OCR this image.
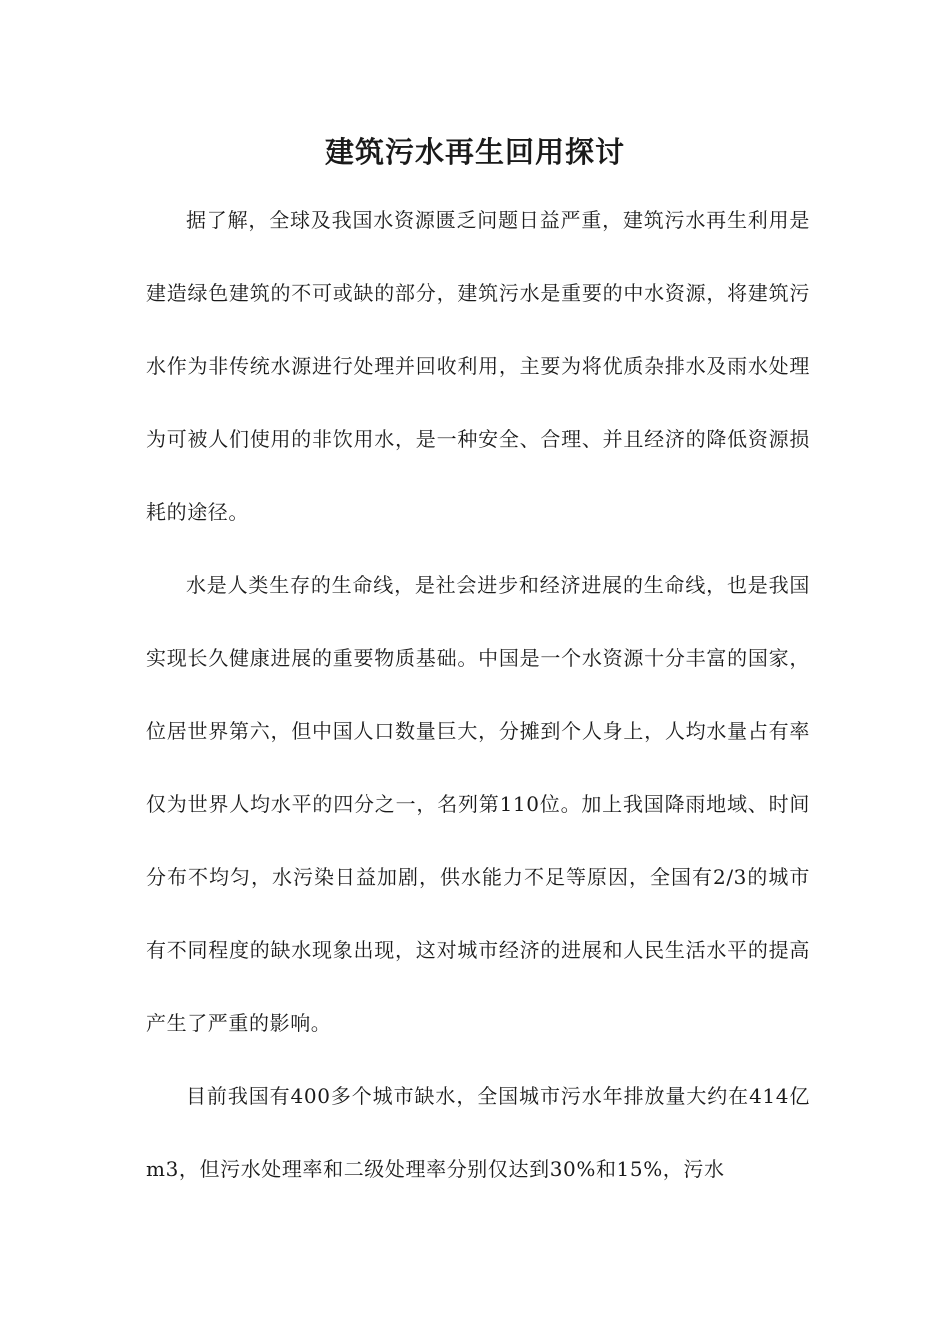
建筑污水再生回用探讨

据了解，全球及我国水资源匮乏问题日益严重，建筑污水再生利用是建造绿色建筑的不可或缺的部分，建筑污水是重要的中水资源，将建筑污水作为非传统水源进行处理并回收利用，主要为将优质杂排水及雨水处理为可被人们使用的非饮用水，是一种安全、合理、并且经济的降低资源损耗的途径。

水是人类生存的生命线，是社会进步和经济进展的生命线，也是我国实现长久健康进展的重要物质基础。中国是一个水资源十分丰富的国家，位居世界第六，但中国人口数量巨大，分摊到个人身上，人均水量占有率仅为世界人均水平的四分之一，名列第110位。加上我国降雨地域、时间分布不均匀，水污染日益加剧，供水能力不足等原因，全国有2/3的城市有不同程度的缺水现象出现，这对城市经济的进展和人民生活水平的提高产生了严重的影响。

目前我国有400多个城市缺水，全国城市污水年排放量大约在414亿m3，但污水处理率和二级处理率分别仅达到30%和15%，污水
